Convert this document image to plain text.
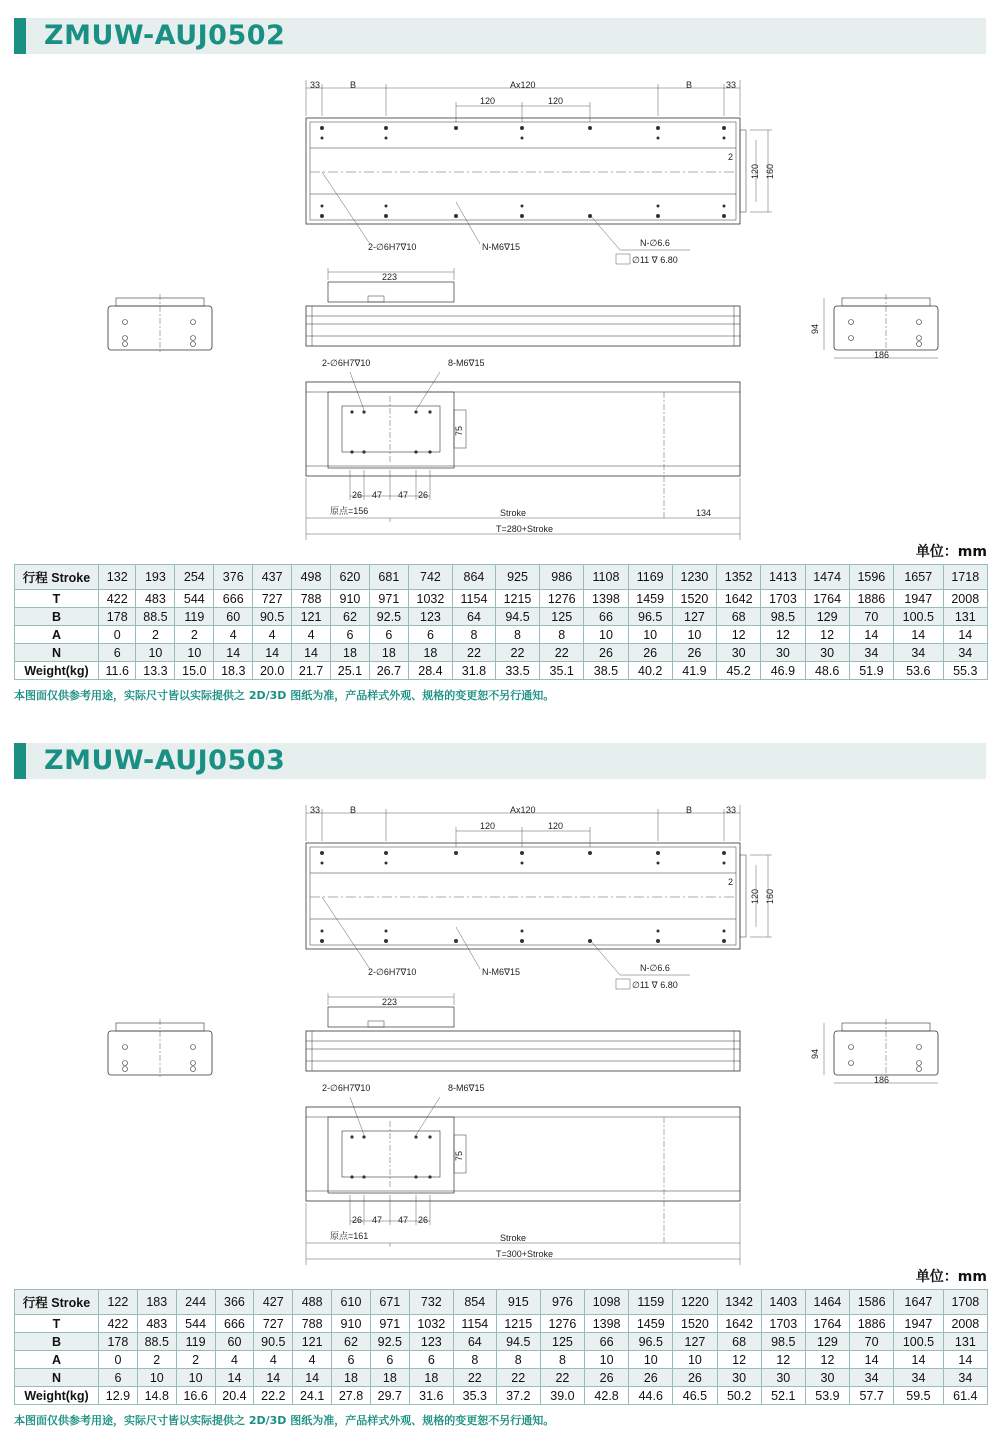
ZMUW-AUJ0502
33	B	Ax120	B	33
120	120
2
120 160
2-∅6H7∇10	N-M6∇15	N-∅6.6
∅11 ∇ 6.80
223
94
186
2-∅6H7∇10	8-M6∇15
75
26 47 47 26
原点=156	134
Stroke
T=280+Stroke
单位：mm
行程 Stroke	132	193	254	376	437	498	620	681	742	864	925	986	1108	1169	1230	1352	1413	1474	1596	1657	1718
T	422	483	544	666	727	788	910	971	1032	1154	1215	1276	1398	1459	1520	1642	1703	1764	1886	1947	2008
B	178	88.5	119	60	90.5	121	62	92.5	123	64	94.5	125	66	96.5	127	68	98.5	129	70	100.5	131
A	0	2	2	4	4	4	6	6	6	8	8	8	10	10	10	12	12	12	14	14	14
N	6	10	10	14	14	14	18	18	18	22	22	22	26	26	26	30	30	30	34	34	34
Weight(kg)	11.6	13.3	15.0	18.3	20.0	21.7	25.1	26.7	28.4	31.8	33.5	35.1	38.5	40.2	41.9	45.2	46.9	48.6	51.9	53.6	55.3
本图面仅供参考用途，实际尺寸皆以实际提供之 2D/3D 图纸为准，产品样式外观、规格的变更恕不另行通知。
ZMUW-AUJ0503
33	B	Ax120	B	33
120	120
2
120 160
2-∅6H7∇10	N-M6∇15	N-∅6.6
∅11 ∇ 6.80
223
94
186
2-∅6H7∇10	8-M6∇15
75
26 47 47 26
原点=161	Stroke
T=300+Stroke
单位：mm
行程 Stroke	122	183	244	366	427	488	610	671	732	854	915	976	1098	1159	1220	1342	1403	1464	1586	1647	1708
T	422	483	544	666	727	788	910	971	1032	1154	1215	1276	1398	1459	1520	1642	1703	1764	1886	1947	2008
B	178	88.5	119	60	90.5	121	62	92.5	123	64	94.5	125	66	96.5	127	68	98.5	129	70	100.5	131
A	0	2	2	4	4	4	6	6	6	8	8	8	10	10	10	12	12	12	14	14	14
N	6	10	10	14	14	14	18	18	18	22	22	22	26	26	26	30	30	30	34	34	34
Weight(kg)	12.9	14.8	16.6	20.4	22.2	24.1	27.8	29.7	31.6	35.3	37.2	39.0	42.8	44.6	46.5	50.2	52.1	53.9	57.7	59.5	61.4
本图面仅供参考用途，实际尺寸皆以实际提供之 2D/3D 图纸为准，产品样式外观、规格的变更恕不另行通知。
